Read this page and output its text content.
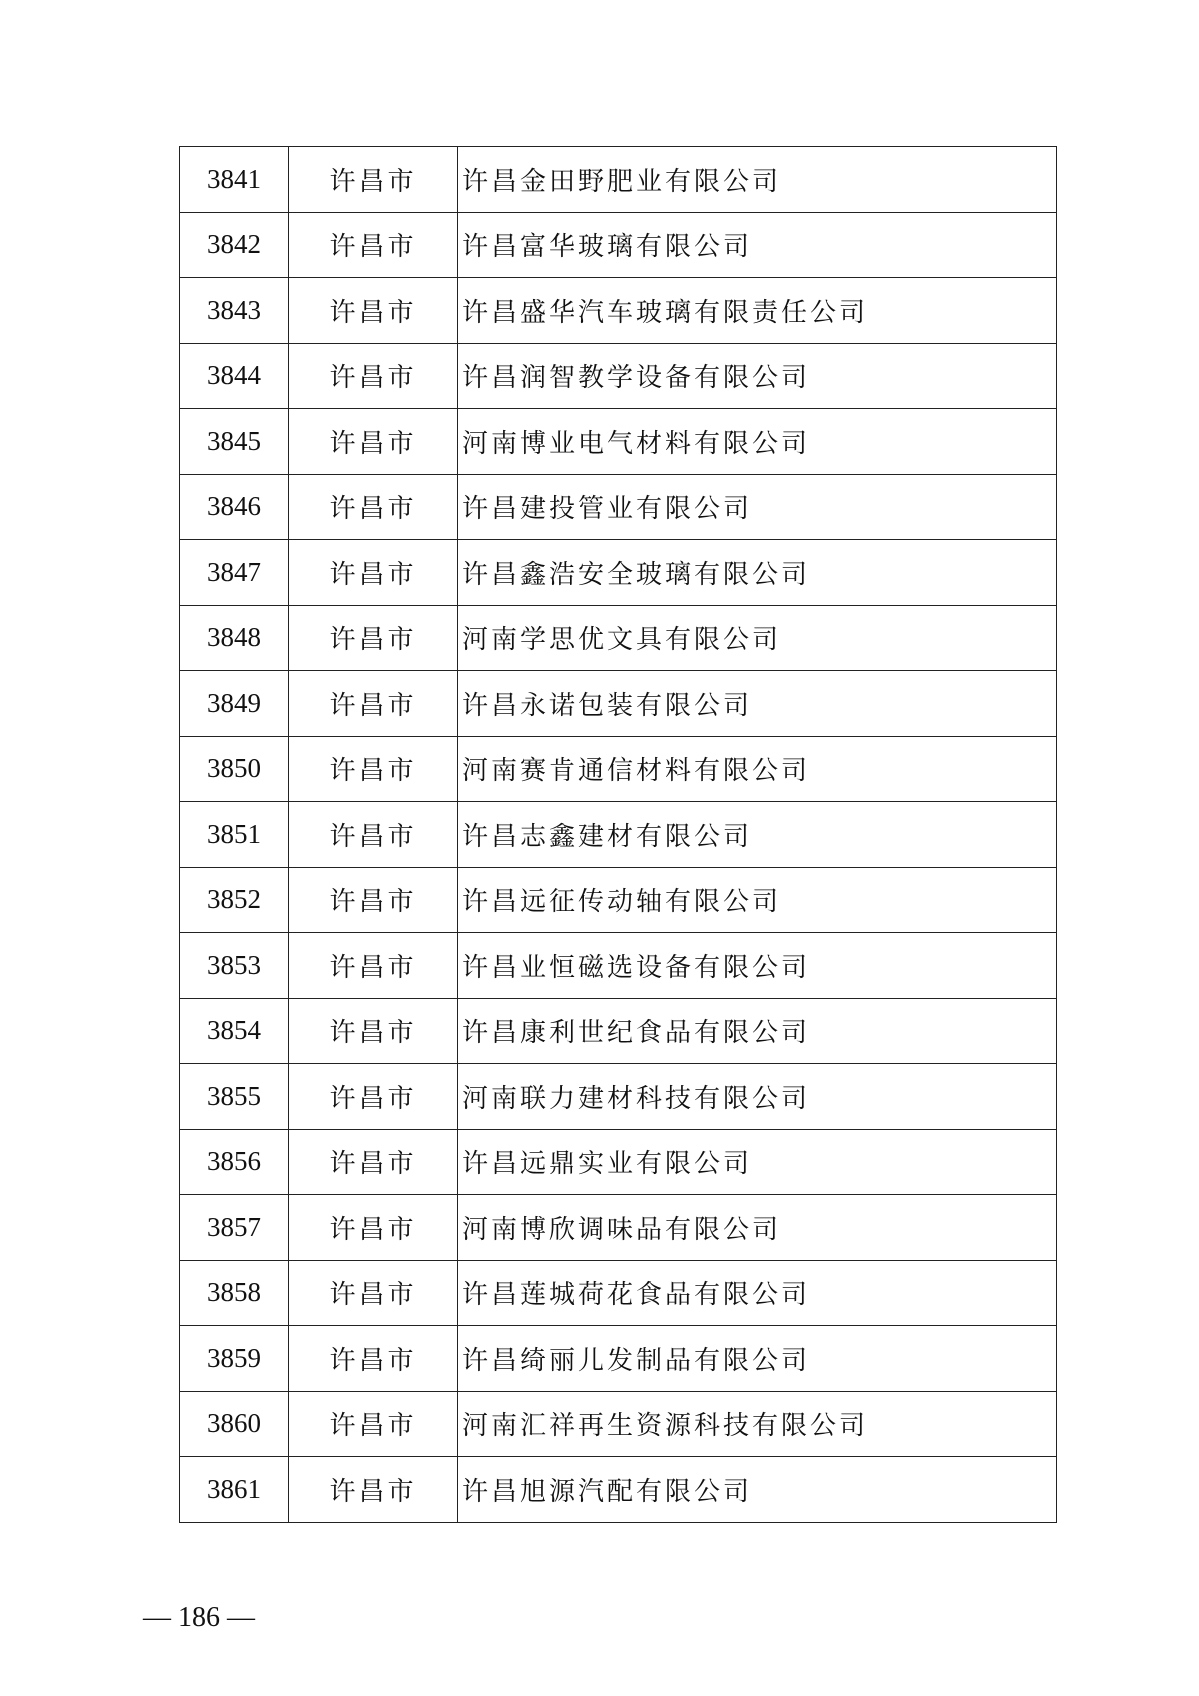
3841	许昌市	许昌金田野肥业有限公司
3842	许昌市	许昌富华玻璃有限公司
3843	许昌市	许昌盛华汽车玻璃有限责任公司
3844	许昌市	许昌润智教学设备有限公司
3845	许昌市	河南博业电气材料有限公司
3846	许昌市	许昌建投管业有限公司
3847	许昌市	许昌鑫浩安全玻璃有限公司
3848	许昌市	河南学思优文具有限公司
3849	许昌市	许昌永诺包装有限公司
3850	许昌市	河南赛肯通信材料有限公司
3851	许昌市	许昌志鑫建材有限公司
3852	许昌市	许昌远征传动轴有限公司
3853	许昌市	许昌业恒磁选设备有限公司
3854	许昌市	许昌康利世纪食品有限公司
3855	许昌市	河南联力建材科技有限公司
3856	许昌市	许昌远鼎实业有限公司
3857	许昌市	河南博欣调味品有限公司
3858	许昌市	许昌莲城荷花食品有限公司
3859	许昌市	许昌绮丽儿发制品有限公司
3860	许昌市	河南汇祥再生资源科技有限公司
3861	许昌市	许昌旭源汽配有限公司
— 186 —
